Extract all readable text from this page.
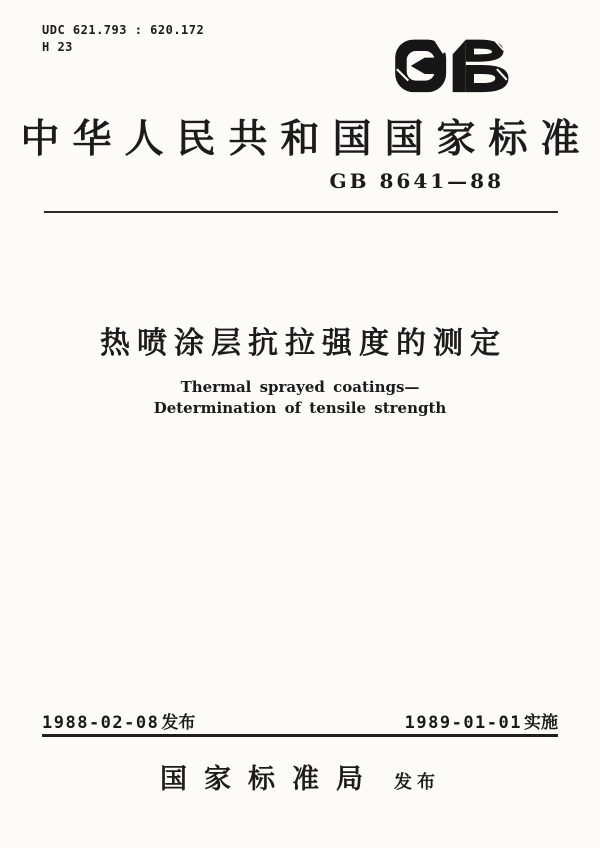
UDC 621.793 : 620.172
H 23
中华人民共和国国家标准
GB 8641—88
热喷涂层抗拉强度的测定
Thermal sprayed coatings—
Determination of tensile strength
1988-02-08 发布	1989-01-01 实施
国家标准局 发布
